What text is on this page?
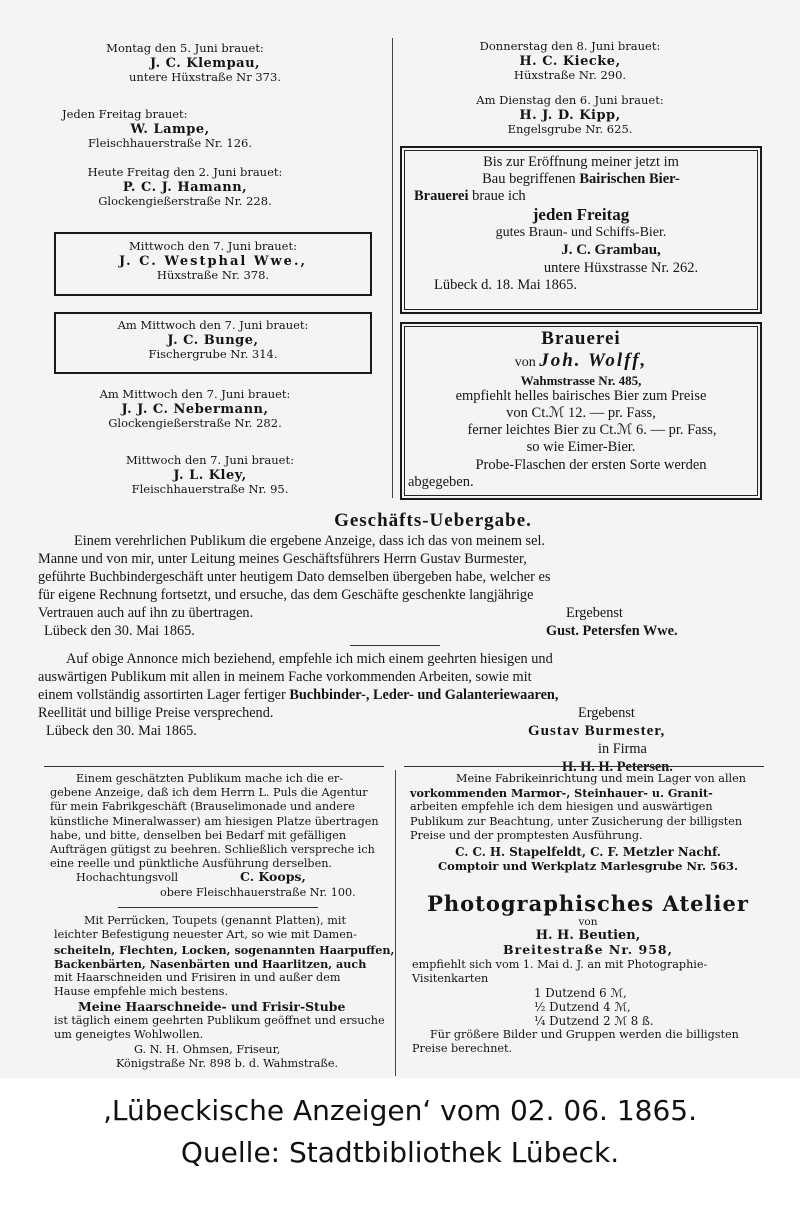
Montag den 5. Juni brauet:
J. C. Klempau,
untere Hüxstraße Nr 373.
Jeden Freitag brauet:
W. Lampe,
Fleischhauerstraße Nr. 126.
Heute Freitag den 2. Juni brauet:
P. C. J. Hamann,
Glockengießerstraße Nr. 228.
Mittwoch den 7. Juni brauet:
J. C. Westphal Wwe.,
Hüxstraße Nr. 378.
Am Mittwoch den 7. Juni brauet:
J. C. Bunge,
Fischergrube Nr. 314.
Am Mittwoch den 7. Juni brauet:
J. J. C. Nebermann,
Glockengießerstraße Nr. 282.
Mittwoch den 7. Juni brauet:
J. L. Kley,
Fleischhauerstraße Nr. 95.
Donnerstag den 8. Juni brauet:
H. C. Kiecke,
Hüxstraße Nr. 290.
Am Dienstag den 6. Juni brauet:
H. J. D. Kipp,
Engelsgrube Nr. 625.
Bis zur Eröffnung meiner jetzt im
Bau begriffenen Bairischen Bier-
Brauerei braue ich
jeden Freitag
gutes Braun- und Schiffs-Bier.
J. C. Grambau,
untere Hüxstrasse Nr. 262.
Lübeck d. 18. Mai 1865.
Brauerei
von Joh. Wolff,
Wahmstrasse Nr. 485,
empfiehlt helles bairisches Bier zum Preise
von Ct.ℳ 12. — pr. Fass,
ferner leichtes Bier zu Ct.ℳ 6. — pr. Fass,
so wie Eimer-Bier.
Probe-Flaschen der ersten Sorte werden
abgegeben.
Geschäfts-Uebergabe.
Einem verehrlichen Publikum die ergebene Anzeige, dass ich das von meinem sel.
Manne und von mir, unter Leitung meines Geschäftsführers Herrn Gustav Burmester,
geführte Buchbindergeschäft unter heutigem Dato demselben übergeben habe, welcher es
für eigene Rechnung fortsetzt, und ersuche, das dem Geschäfte geschenkte langjährige
Vertrauen auch auf ihn zu übertragen.
Lübeck den 30. Mai 1865.
Ergebenst
Gust. Petersfen Wwe.
Auf obige Annonce mich beziehend, empfehle ich mich einem geehrten hiesigen und
auswärtigen Publikum mit allen in meinem Fache vorkommenden Arbeiten, sowie mit
einem vollständig assortirten Lager fertiger Buchbinder-, Leder- und Galanteriewaaren,
Reellität und billige Preise versprechend.	Ergebenst
Lübeck den 30. Mai 1865.	Gustav Burmester,
in Firma
H. H. H. Petersen.
Einem geschätzten Publikum mache ich die er-
gebene Anzeige, daß ich dem Herrn L. Puls die Agentur
für mein Fabrikgeschäft (Brauselimonade und andere
künstliche Mineralwasser) am hiesigen Platze übertragen
habe, und bitte, denselben bei Bedarf mit gefälligen
Aufträgen gütigst zu beehren. Schließlich verspreche ich
eine reelle und pünktliche Ausführung derselben.
Hochachtungsvoll	C. Koops,
obere Fleischhauerstraße Nr. 100.
Meine Fabrikeinrichtung und mein Lager von allen
vorkommenden Marmor-, Steinhauer- u. Granit-
arbeiten empfehle ich dem hiesigen und auswärtigen
Publikum zur Beachtung, unter Zusicherung der billigsten
Preise und der promptesten Ausführung.
C. C. H. Stapelfeldt, C. F. Metzler Nachf.
Comptoir und Werkplatz Marlesgrube Nr. 563.
Mit Perrücken, Toupets (genannt Platten), mit
leichter Befestigung neuester Art, so wie mit Damen-
scheiteln, Flechten, Locken, sogenannten Haarpuffen,
Backenbärten, Nasenbärten und Haarlitzen, auch
mit Haarschneiden und Frisiren in und außer dem
Hause empfehle mich bestens.
Meine Haarschneide- und Frisir-Stube
ist täglich einem geehrten Publikum geöffnet und ersuche
um geneigtes Wohlwollen.
G. N. H. Ohmsen, Friseur,
Königstraße Nr. 898 b. d. Wahmstraße.
Photographisches Atelier
von
H. H. Beutien,
Breitestraße Nr. 958,
empfiehlt sich vom 1. Mai d. J. an mit Photographie-
Visitenkarten
1 Dutzend 6 ℳ,
½ Dutzend 4 ℳ,
¼ Dutzend 2 ℳ 8 ß.
Für größere Bilder und Gruppen werden die billigsten
Preise berechnet.
‚Lübeckische Anzeigen‘ vom 02. 06. 1865.
Quelle: Stadtbibliothek Lübeck.
